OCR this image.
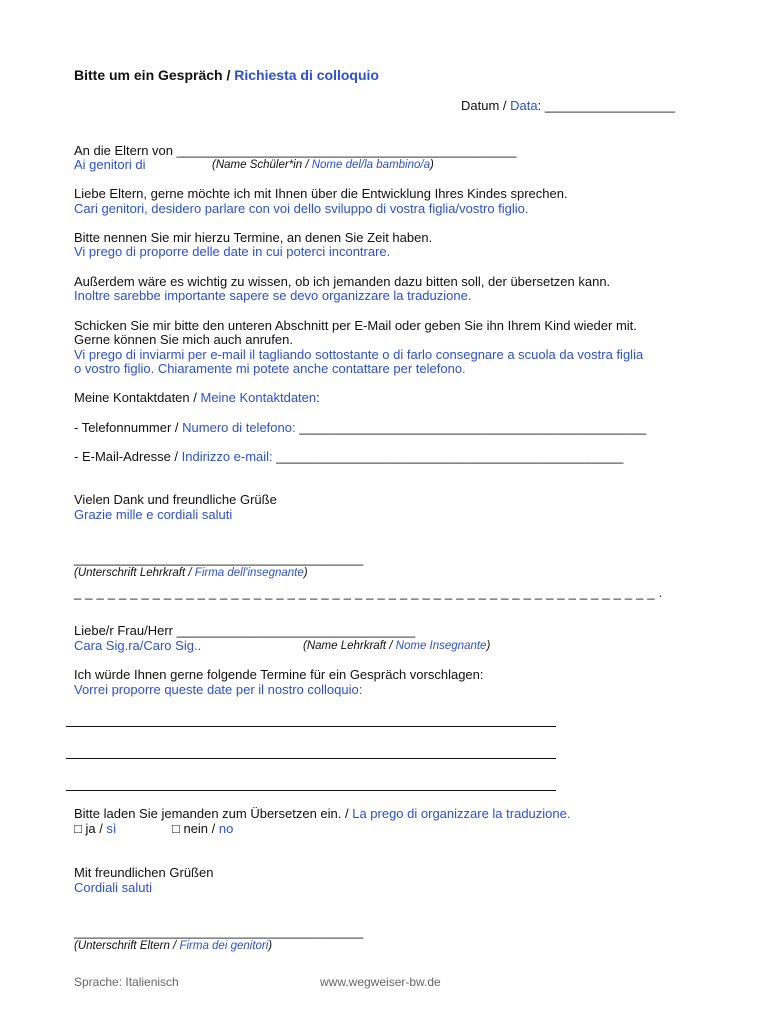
Bitte um ein Gespräch / Richiesta di colloquio
Datum / Data: __________________
An die Eltern von _______________________________________________
Ai genitori di	(Name Schüler*in / Nome del/la bambino/a)
Liebe Eltern, gerne möchte ich mit Ihnen über die Entwicklung Ihres Kindes sprechen.
Cari genitori, desidero parlare con voi dello sviluppo di vostra figlia/vostro figlio.
Bitte nennen Sie mir hierzu Termine, an denen Sie Zeit haben.
Vi prego di proporre delle date in cui poterci incontrare.
Außerdem wäre es wichtig zu wissen, ob ich jemanden dazu bitten soll, der übersetzen kann.
Inoltre sarebbe importante sapere se devo organizzare la traduzione.
Schicken Sie mir bitte den unteren Abschnitt per E-Mail oder geben Sie ihn Ihrem Kind wieder mit.
Gerne können Sie mich auch anrufen.
Vi prego di inviarmi per e-mail il tagliando sottostante o di farlo consegnare a scuola da vostra figlia
o vostro figlio. Chiaramente mi potete anche contattare per telefono.
Meine Kontaktdaten / Meine Kontaktdaten:
- Telefonnummer / Numero di telefono: ________________________________________________
- E-Mail-Adresse / Indirizzo e-mail: ________________________________________________
Vielen Dank und freundliche Grüße
Grazie mille e cordiali saluti
________________________________________
(Unterschrift Lehrkraft / Firma dell'insegnante)
_ _ _ _ _ _ _ _ _ _ _ _ _ _ _ _ _ _ _ _ _ _ _ _ _ _ _ _ _ _ _ _ _ _ _ _ _ _ _ _ _ _ _ _ _ _ _ _ _ _ _ _ .
Liebe/r Frau/Herr _________________________________
Cara Sig.ra/Caro Sig..	(Name Lehrkraft / Nome Insegnante)
Ich würde Ihnen gerne folgende Termine für ein Gespräch vorschlagen:
Vorrei proporre queste date per il nostro colloquio:
Bitte laden Sie jemanden zum Übersetzen ein. / La prego di organizzare la traduzione.
□ ja / sì	□ nein / no
Mit freundlichen Grüßen
Cordiali saluti
________________________________________
(Unterschrift Eltern / Firma dei genitori)
Sprache: Italienisch	www.wegweiser-bw.de
